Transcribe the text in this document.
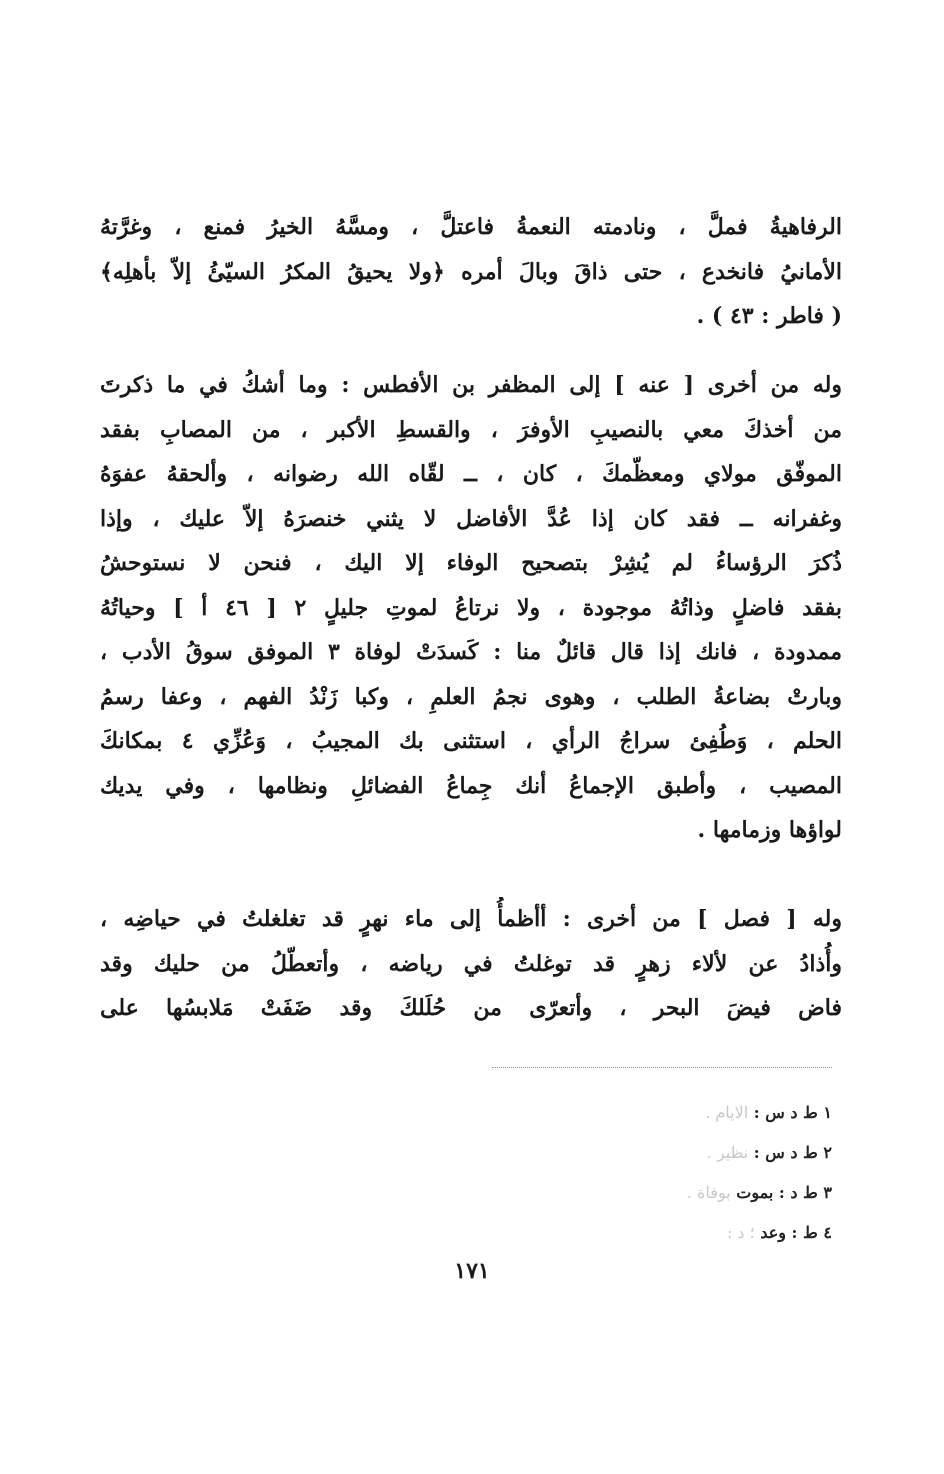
الرفاهيةُ فملَّ ، ونادمته النعمةُ فاعتلَّ ، ومسَّهُ الخيرُ فمنع ، وغرَّتهُ
الأمانيُ فانخدع ، حتى ذاقَ وبالَ أمره ﴿ولا يحيقُ المكرُ السيّئُ إلاّ بأهلِه﴾
( فاطر : ٤٣ ) .
وله من أخرى [ عنه ] إلى المظفر بن الأفطس : وما أشكُ في ما ذكرتَ
من أخذكَ معي بالنصيبِ الأوفرَ ، والقسطِ الأكبر ، من المصابِ بفقد
الموفّق مولاي ومعظّمكَ ، كان ، ــ لقّاه الله رضوانه ، وألحقهُ عفوَهُ
وغفرانه ــ فقد كان إذا عُدَّ الأفاضل لا يثني خنصرَهُ إلاّ عليك ، وإذا
ذُكرَ الرؤساءُ لم يُشِرْ بتصحيح الوفاء إلا اليك ، فنحن لا نستوحشُ
بفقد فاضلٍ وذاتُهُ موجودة ، ولا نرتاعُ لموتِ جليلٍ ٢ [ ٤٦ أ ] وحياتُهُ
ممدودة ، فانك إذا قال قائلٌ منا : كَسدَتْ لوفاة ٣ الموفق سوقُ الأدب ،
وبارتْ بضاعةُ الطلب ، وهوى نجمُ العلمِ ، وكبا زَنْدُ الفهم ، وعفا رسمُ
الحلم ، وَطُفِئ سراجُ الرأي ، استثنى بك المجيبُ ، وَعُزِّي ٤ بمكانكَ
المصيب ، وأطبق الإجماعُ أنك جِماعُ الفضائلِ ونظامها ، وفي يديك
لواؤها وزمامها .
وله [ فصل ] من أخرى : أأظمأُ إلى ماء نهرٍ قد تغلغلتُ في حياضِه ،
وأُذادُ عن لألاء زهرٍ قد توغلتُ في رياضه ، وأتعطّلُ من حليك وقد
فاض فيضَ البحر ، وأتعرّى من حُلَلكَ وقد ضَفَتْ مَلابسُها على
١ ط د س : الايام .
٢ ط د س : نظير .
٣ ط د : بموت بوفاة .
٤ ط : وعد ؛ د :
١٧١
